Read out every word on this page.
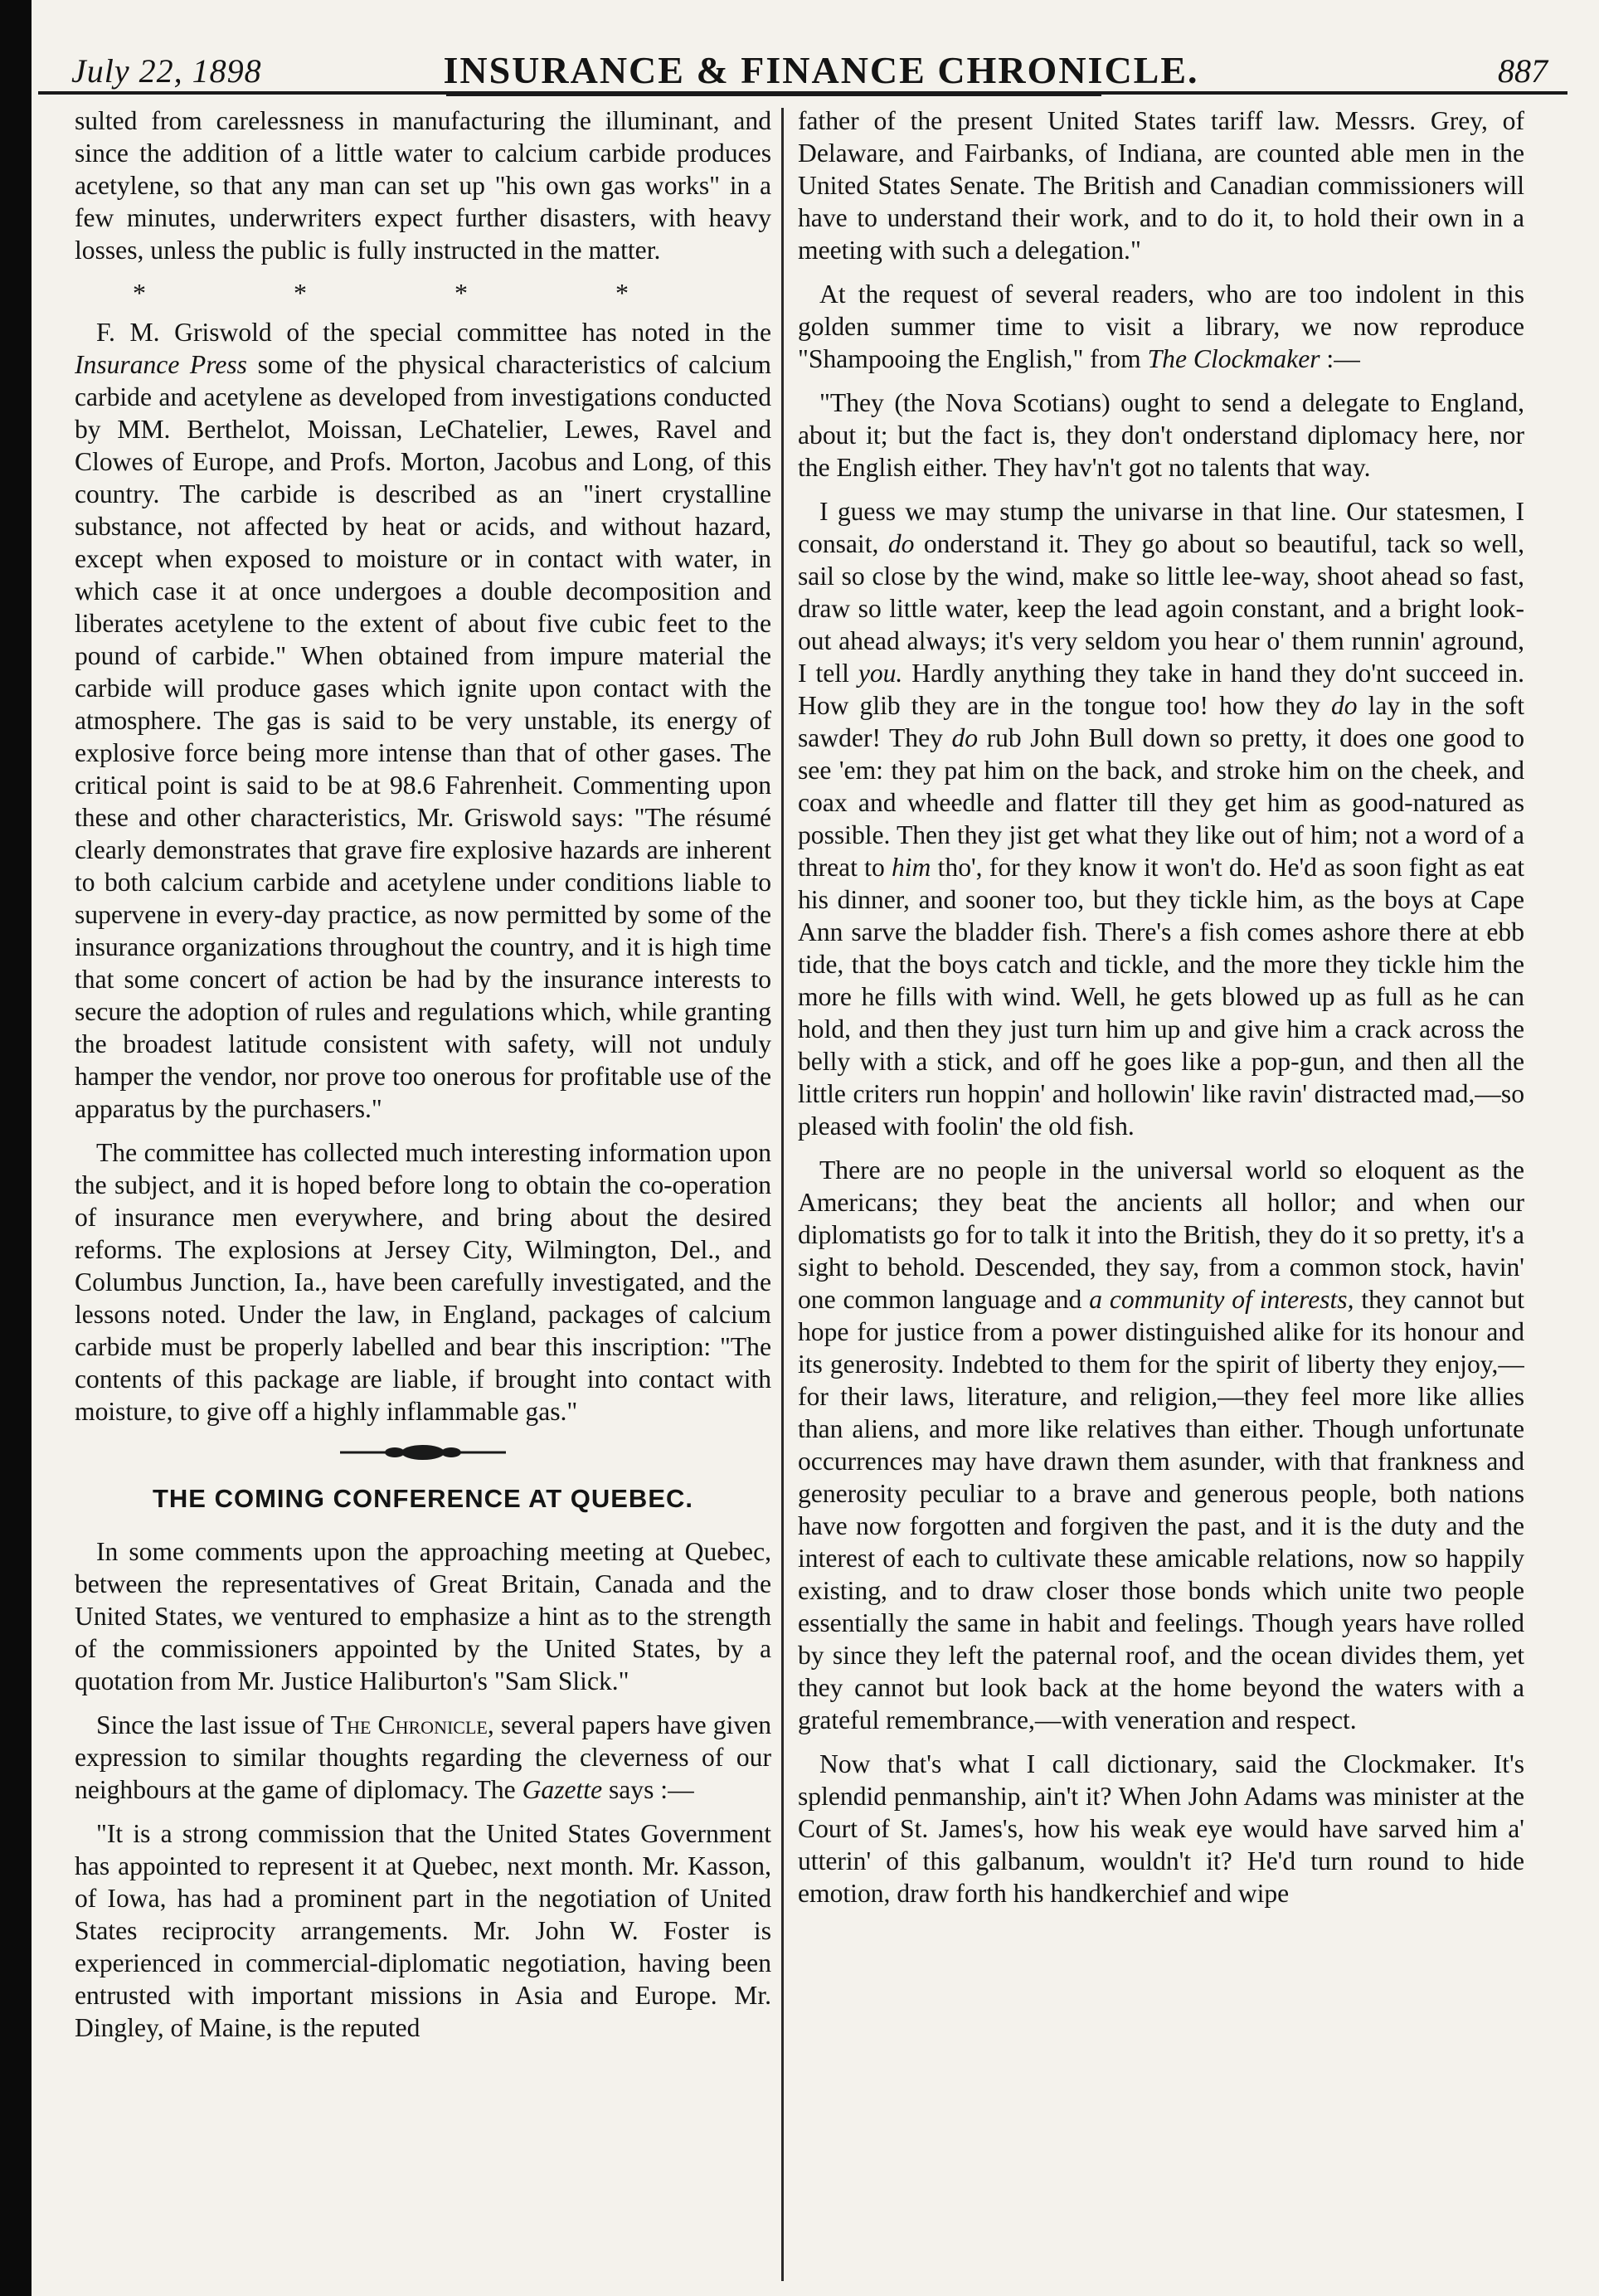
July 22, 1898	INSURANCE & FINANCE CHRONICLE.	887

sulted from carelessness in manufacturing the illuminant, and since the addition of a little water to calcium carbide produces acetylene, so that any man can set up "his own gas works" in a few minutes, underwriters expect further disasters, with heavy losses, unless the public is fully instructed in the matter.

* * * *

F. M. Griswold of the special committee has noted in the Insurance Press some of the physical characteristics of calcium carbide and acetylene as developed from investigations conducted by MM. Berthelot, Moissan, LeChatelier, Lewes, Ravel and Clowes of Europe, and Profs. Morton, Jacobus and Long, of this country. The carbide is described as an "inert crystalline substance, not affected by heat or acids, and without hazard, except when exposed to moisture or in contact with water, in which case it at once undergoes a double decomposition and liberates acetylene to the extent of about five cubic feet to the pound of carbide." When obtained from impure material the carbide will produce gases which ignite upon contact with the atmosphere. The gas is said to be very unstable, its energy of explosive force being more intense than that of other gases. The critical point is said to be at 98.6 Fahrenheit. Commenting upon these and other characteristics, Mr. Griswold says: "The résumé clearly demonstrates that grave fire explosive hazards are inherent to both calcium carbide and acetylene under conditions liable to supervene in every-day practice, as now permitted by some of the insurance organizations throughout the country, and it is high time that some concert of action be had by the insurance interests to secure the adoption of rules and regulations which, while granting the broadest latitude consistent with safety, will not unduly hamper the vendor, nor prove too onerous for profitable use of the apparatus by the purchasers."

The committee has collected much interesting information upon the subject, and it is hoped before long to obtain the co-operation of insurance men everywhere, and bring about the desired reforms. The explosions at Jersey City, Wilmington, Del., and Columbus Junction, Ia., have been carefully investigated, and the lessons noted. Under the law, in England, packages of calcium carbide must be properly labelled and bear this inscription: "The contents of this package are liable, if brought into contact with moisture, to give off a highly inflammable gas."

THE COMING CONFERENCE AT QUEBEC.

In some comments upon the approaching meeting at Quebec, between the representatives of Great Britain, Canada and the United States, we ventured to emphasize a hint as to the strength of the commissioners appointed by the United States, by a quotation from Mr. Justice Haliburton's "Sam Slick."

Since the last issue of The Chronicle, several papers have given expression to similar thoughts regarding the cleverness of our neighbours at the game of diplomacy. The Gazette says :—

"It is a strong commission that the United States Government has appointed to represent it at Quebec, next month. Mr. Kasson, of Iowa, has had a prominent part in the negotiation of United States reciprocity arrangements. Mr. John W. Foster is experienced in commercial-diplomatic negotiation, having been entrusted with important missions in Asia and Europe. Mr. Dingley, of Maine, is the reputed

father of the present United States tariff law. Messrs. Grey, of Delaware, and Fairbanks, of Indiana, are counted able men in the United States Senate. The British and Canadian commissioners will have to understand their work, and to do it, to hold their own in a meeting with such a delegation."

At the request of several readers, who are too indolent in this golden summer time to visit a library, we now reproduce "Shampooing the English," from The Clockmaker :—

"They (the Nova Scotians) ought to send a delegate to England, about it; but the fact is, they don't onderstand diplomacy here, nor the English either. They hav'n't got no talents that way.

I guess we may stump the univarse in that line. Our statesmen, I consait, do onderstand it. They go about so beautiful, tack so well, sail so close by the wind, make so little lee-way, shoot ahead so fast, draw so little water, keep the lead agoin constant, and a bright look-out ahead always; it's very seldom you hear o' them runnin' aground, I tell you. Hardly anything they take in hand they do'nt succeed in. How glib they are in the tongue too! how they do lay in the soft sawder! They do rub John Bull down so pretty, it does one good to see 'em: they pat him on the back, and stroke him on the cheek, and coax and wheedle and flatter till they get him as good-natured as possible. Then they jist get what they like out of him; not a word of a threat to him tho', for they know it won't do. He'd as soon fight as eat his dinner, and sooner too, but they tickle him, as the boys at Cape Ann sarve the bladder fish. There's a fish comes ashore there at ebb tide, that the boys catch and tickle, and the more they tickle him the more he fills with wind. Well, he gets blowed up as full as he can hold, and then they just turn him up and give him a crack across the belly with a stick, and off he goes like a pop-gun, and then all the little criters run hoppin' and hollowin' like ravin' distracted mad,—so pleased with foolin' the old fish.

There are no people in the universal world so eloquent as the Americans; they beat the ancients all hollor; and when our diplomatists go for to talk it into the British, they do it so pretty, it's a sight to behold. Descended, they say, from a common stock, havin' one common language and a community of interests, they cannot but hope for justice from a power distinguished alike for its honour and its generosity. Indebted to them for the spirit of liberty they enjoy,—for their laws, literature, and religion,—they feel more like allies than aliens, and more like relatives than either. Though unfortunate occurrences may have drawn them asunder, with that frankness and generosity peculiar to a brave and generous people, both nations have now forgotten and forgiven the past, and it is the duty and the interest of each to cultivate these amicable relations, now so happily existing, and to draw closer those bonds which unite two people essentially the same in habit and feelings. Though years have rolled by since they left the paternal roof, and the ocean divides them, yet they cannot but look back at the home beyond the waters with a grateful remembrance,—with veneration and respect.

Now that's what I call dictionary, said the Clockmaker. It's splendid penmanship, ain't it? When John Adams was minister at the Court of St. James's, how his weak eye would have sarved him a' utterin' of this galbanum, wouldn't it? He'd turn round to hide emotion, draw forth his handkerchief and wipe
